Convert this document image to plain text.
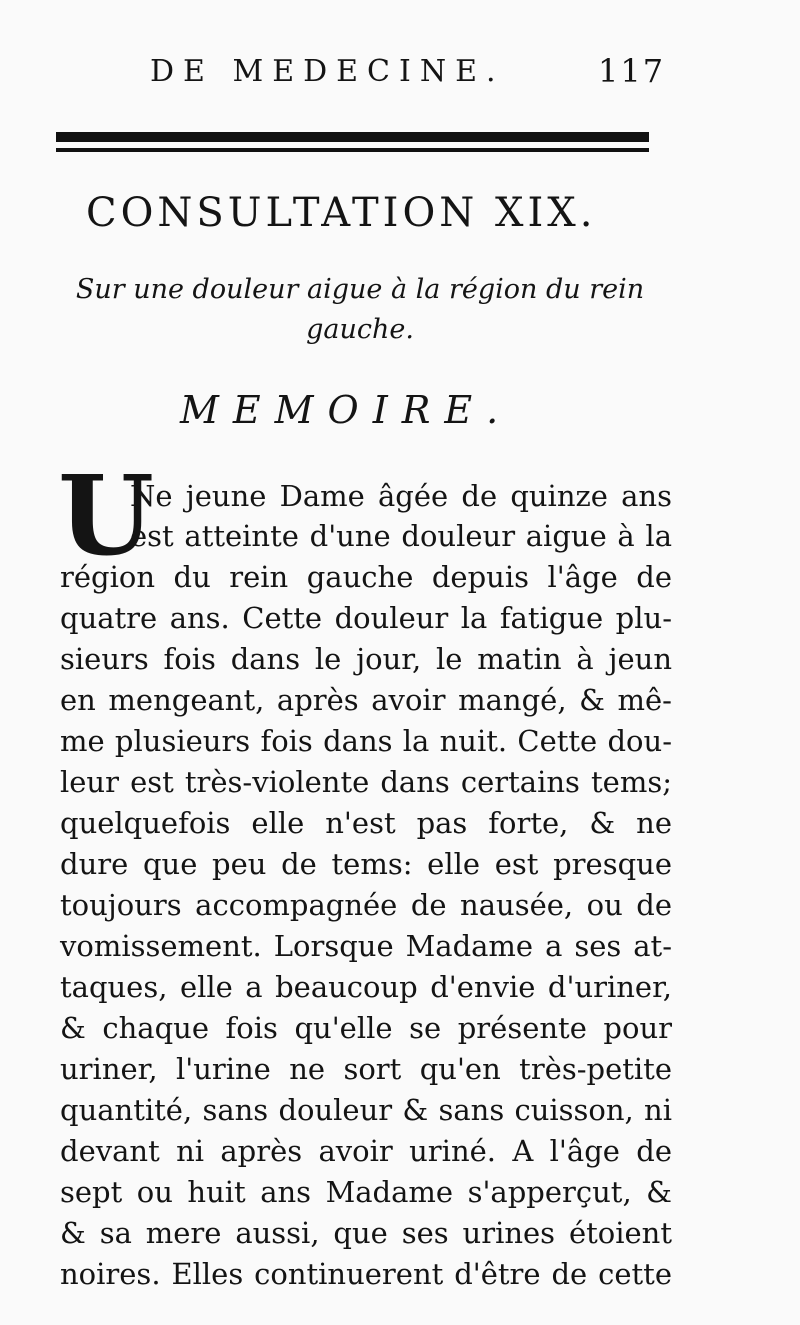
DE MEDECINE.	117
CONSULTATION XIX.
Sur une douleur aigue à la région du rein gauche.
MEMOIRE.
U
Ne jeune Dame âgée de quinze ans
est atteinte d'une douleur aigue à la
région du rein gauche depuis l'âge de
quatre ans. Cette douleur la fatigue plu-
sieurs fois dans le jour, le matin à jeun
en mengeant, après avoir mangé, & mê-
me plusieurs fois dans la nuit. Cette dou-
leur est très-violente dans certains tems;
quelquefois elle n'est pas forte, & ne
dure que peu de tems: elle est presque
toujours accompagnée de nausée, ou de
vomissement. Lorsque Madame a ses at-
taques, elle a beaucoup d'envie d'uriner,
& chaque fois qu'elle se présente pour
uriner, l'urine ne sort qu'en très-petite
quantité, sans douleur & sans cuisson, ni
devant ni après avoir uriné. A l'âge de
sept ou huit ans Madame s'apperçut, &
& sa mere aussi, que ses urines étoient
noires. Elles continuerent d'être de cette
